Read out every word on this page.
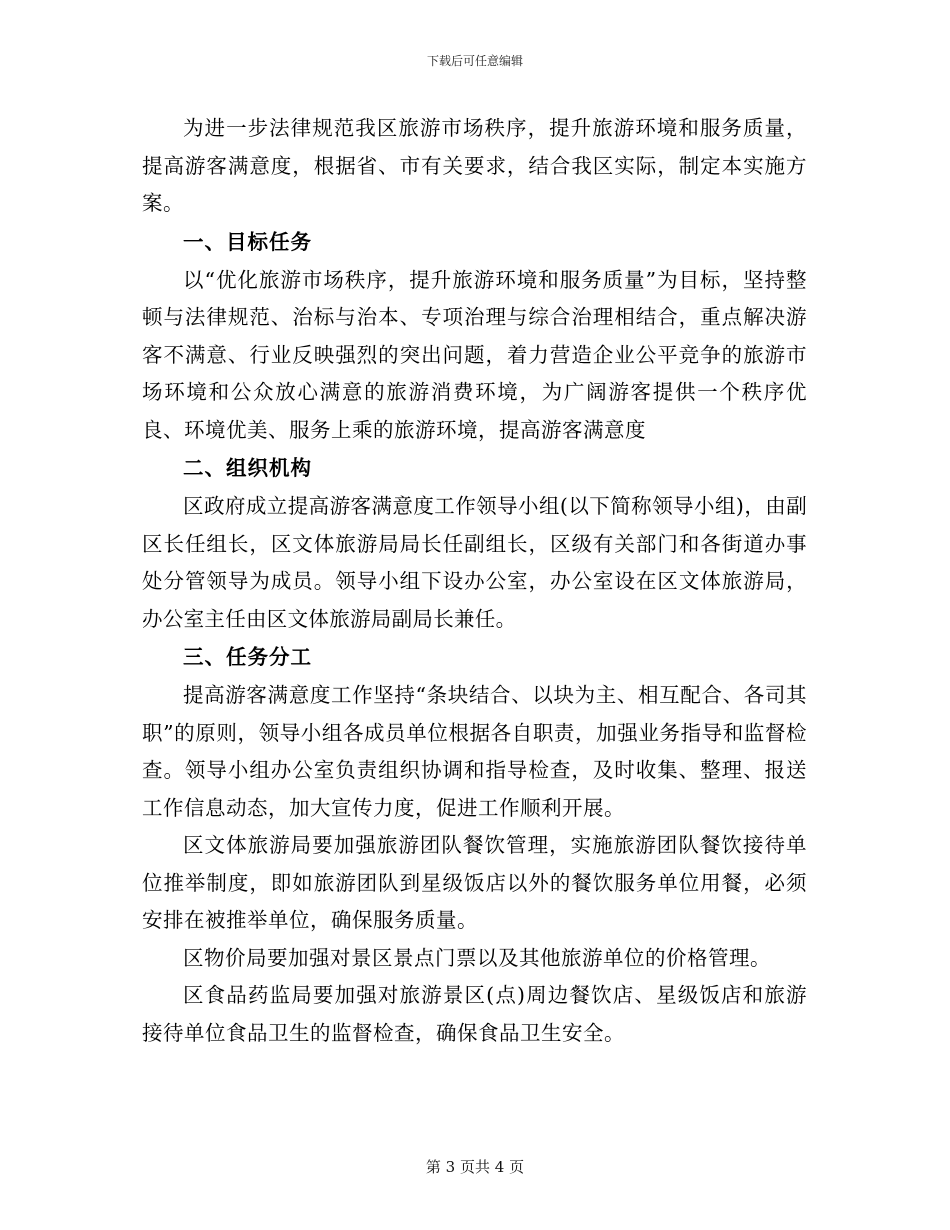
下载后可任意编辑

为进一步法律规范我区旅游市场秩序，提升旅游环境和服务质量，提高游客满意度，根据省、市有关要求，结合我区实际，制定本实施方案。

一、目标任务

以“优化旅游市场秩序，提升旅游环境和服务质量”为目标，坚持整顿与法律规范、治标与治本、专项治理与综合治理相结合，重点解决游客不满意、行业反映强烈的突出问题，着力营造企业公平竞争的旅游市场环境和公众放心满意的旅游消费环境，为广阔游客提供一个秩序优良、环境优美、服务上乘的旅游环境，提高游客满意度

二、组织机构

区政府成立提高游客满意度工作领导小组(以下简称领导小组)，由副区长任组长，区文体旅游局局长任副组长，区级有关部门和各街道办事处分管领导为成员。领导小组下设办公室，办公室设在区文体旅游局，办公室主任由区文体旅游局副局长兼任。

三、任务分工

提高游客满意度工作坚持“条块结合、以块为主、相互配合、各司其职”的原则，领导小组各成员单位根据各自职责，加强业务指导和监督检查。领导小组办公室负责组织协调和指导检查，及时收集、整理、报送工作信息动态，加大宣传力度，促进工作顺利开展。

区文体旅游局要加强旅游团队餐饮管理，实施旅游团队餐饮接待单位推举制度，即如旅游团队到星级饭店以外的餐饮服务单位用餐，必须安排在被推举单位，确保服务质量。

区物价局要加强对景区景点门票以及其他旅游单位的价格管理。

区食品药监局要加强对旅游景区(点)周边餐饮店、星级饭店和旅游接待单位食品卫生的监督检查，确保食品卫生安全。

第 3 页共 4 页
